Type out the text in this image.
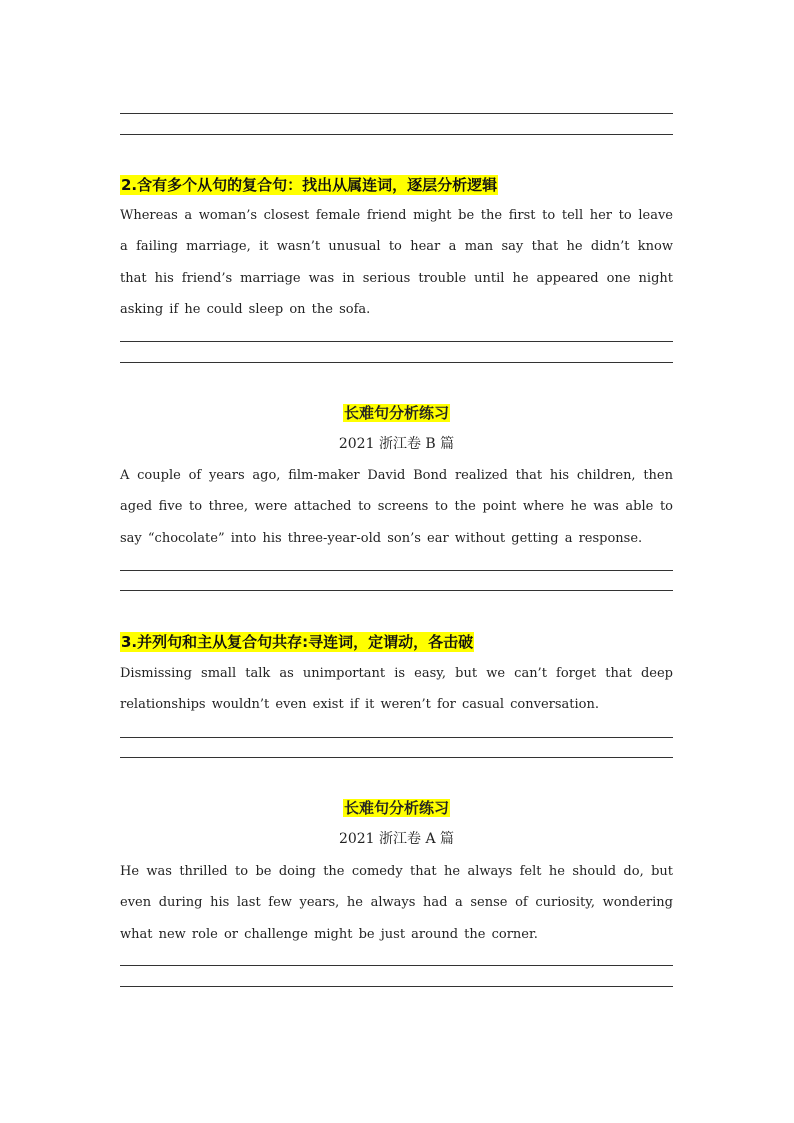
2.含有多个从句的复合句：找出从属连词，逐层分析逻辑
Whereas a woman’s closest female friend might be the first to tell her to leave a failing marriage, it wasn’t unusual to hear a man say that he didn’t know that his friend’s marriage was in serious trouble until he appeared one night asking if he could sleep on the sofa.
长难句分析练习
2021 浙江卷 B 篇
A couple of years ago, film-maker David Bond realized that his children, then aged five to three, were attached to screens to the point where he was able to say “chocolate” into his three-year-old son’s ear without getting a response.
3.并列句和主从复合句共存:寻连词，定谓动，各击破
Dismissing small talk as unimportant is easy, but we can’t forget that deep relationships wouldn’t even exist if it weren’t for casual conversation.
长难句分析练习
2021 浙江卷 A 篇
He was thrilled to be doing the comedy that he always felt he should do, but even during his last few years, he always had a sense of curiosity, wondering what new role or challenge might be just around the corner.
